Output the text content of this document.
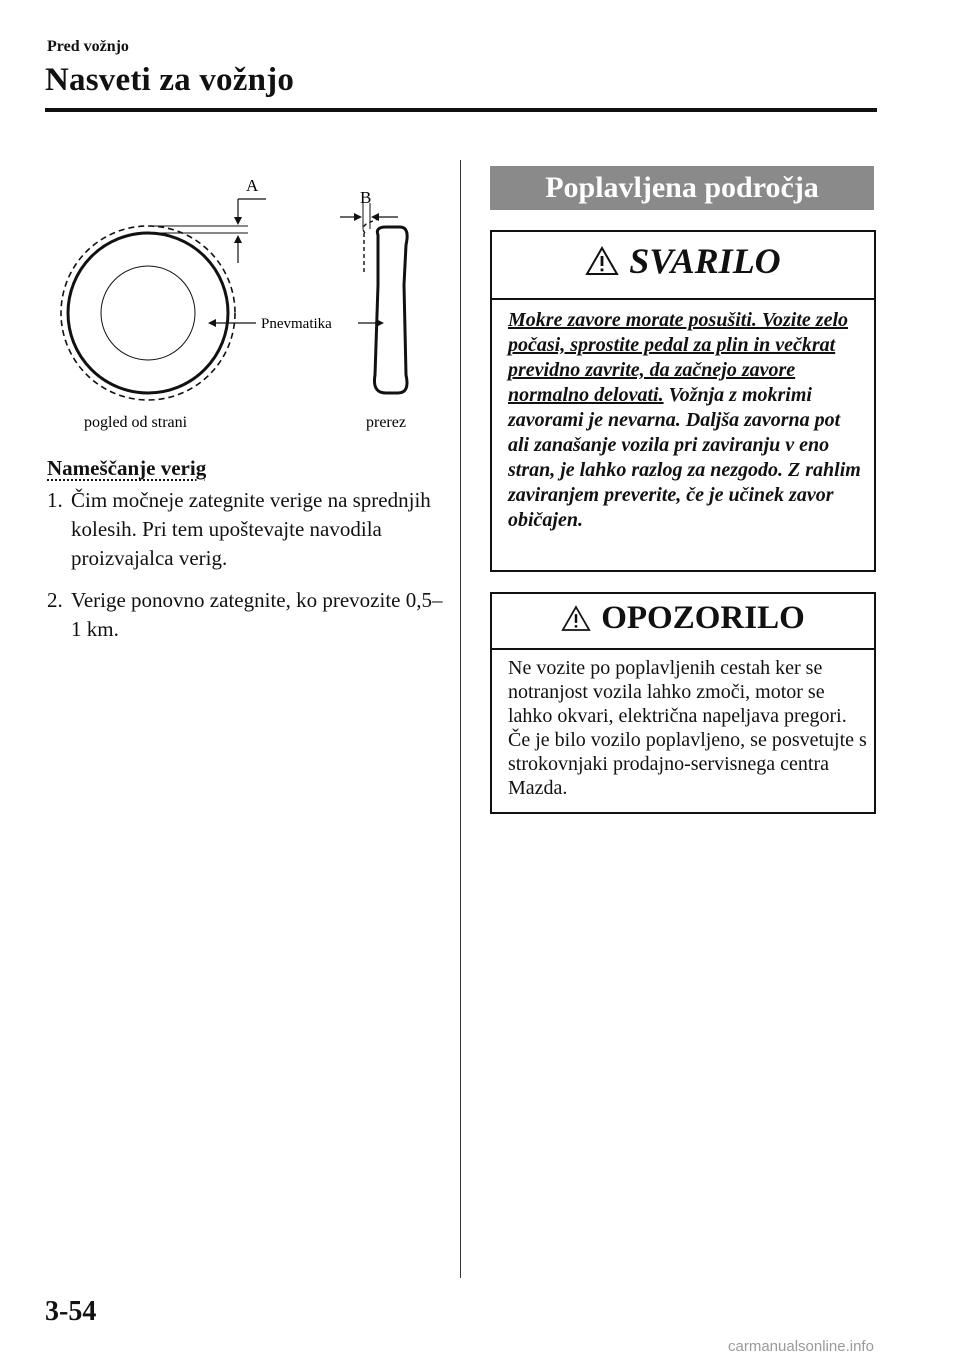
Pred vožnjo
Nasveti za vožnjo
A
Pnevmatika
B
pogled od strani	prerez
Nameščanje verig
1. Čim močneje zategnite verige na sprednjih kolesih. Pri tem upoštevajte navodila proizvajalca verig.
2. Verige ponovno zategnite, ko prevozite 0,5–1 km.
Poplavljena področja
SVARILO
Mokre zavore morate posušiti. Vozite zelo počasi, sprostite pedal za plin in večkrat previdno zavrite, da začnejo zavore normalno delovati. Vožnja z mokrimi zavorami je nevarna. Daljša zavorna pot ali zanašanje vozila pri zaviranju v eno stran, je lahko razlog za nezgodo. Z rahlim zaviranjem preverite, če je učinek zavor običajen.
OPOZORILO
Ne vozite po poplavljenih cestah ker se notranjost vozila lahko zmoči, motor se lahko okvari, električna napeljava pregori. Če je bilo vozilo poplavljeno, se posvetujte s strokovnjaki prodajno-servisnega centra Mazda.
3-54
carmanualsonline.info
